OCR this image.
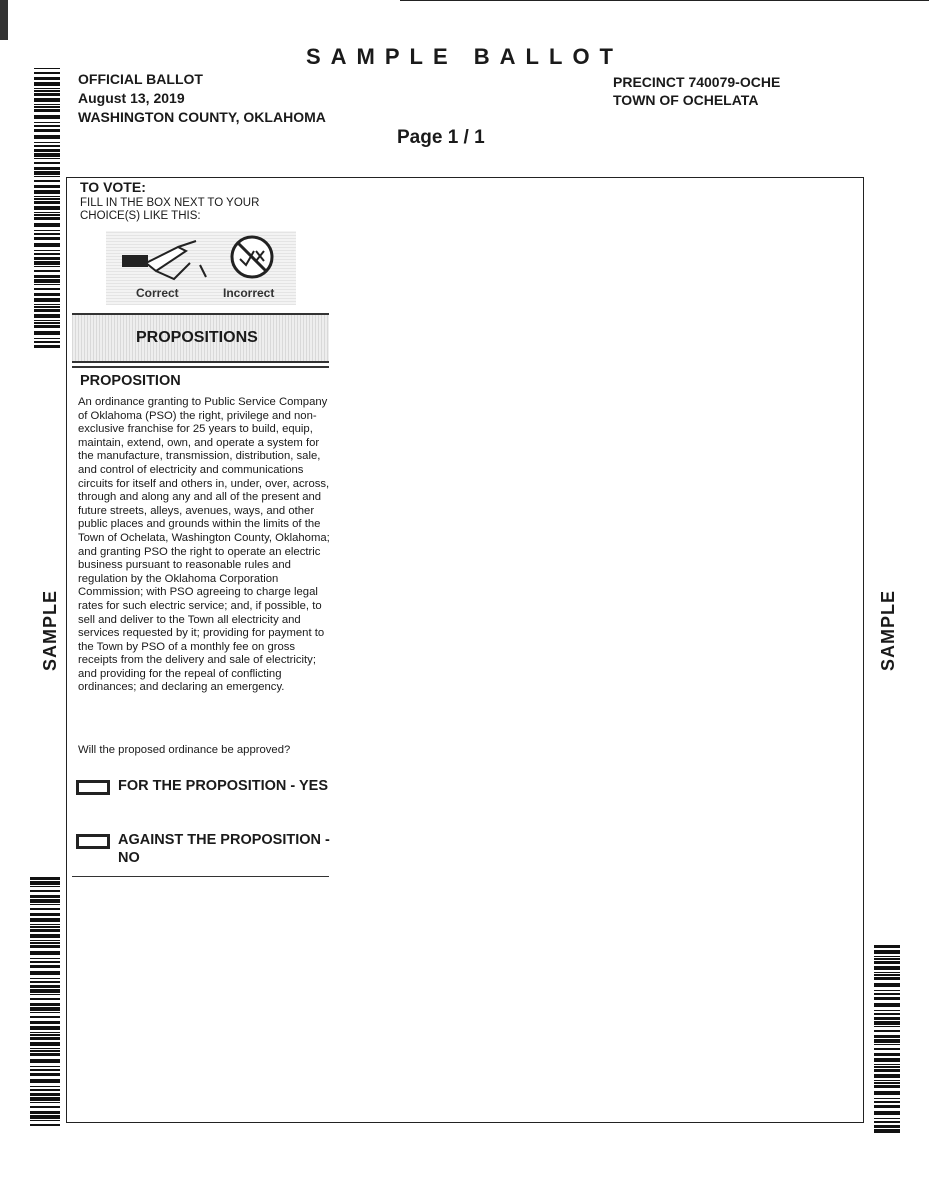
SAMPLE BALLOT
OFFICIAL BALLOT
August 13, 2019
WASHINGTON COUNTY, OKLAHOMA
PRECINCT 740079-OCHE
TOWN OF OCHELATA
Page 1 / 1
SAMPLE	SAMPLE
TO VOTE:
FILL IN THE BOX NEXT TO YOUR CHOICE(S) LIKE THIS:
Correct	Incorrect
PROPOSITIONS
PROPOSITION
An ordinance granting to Public Service Company of Oklahoma (PSO) the right, privilege and non-exclusive franchise for 25 years to build, equip, maintain, extend, own, and operate a system for the manufacture, transmission, distribution, sale, and control of electricity and communications circuits for itself and others in, under, over, across, through and along any and all of the present and future streets, alleys, avenues, ways, and other public places and grounds within the limits of the Town of Ochelata, Washington County, Oklahoma; and granting PSO the right to operate an electric business pursuant to reasonable rules and regulation by the Oklahoma Corporation Commission; with PSO agreeing to charge legal rates for such electric service; and, if possible, to sell and deliver to the Town all electricity and services requested by it; providing for payment to the Town by PSO of a monthly fee on gross receipts from the delivery and sale of electricity; and providing for the repeal of conflicting ordinances; and declaring an emergency.
Will the proposed ordinance be approved?
FOR THE PROPOSITION - YES
AGAINST THE PROPOSITION - NO
